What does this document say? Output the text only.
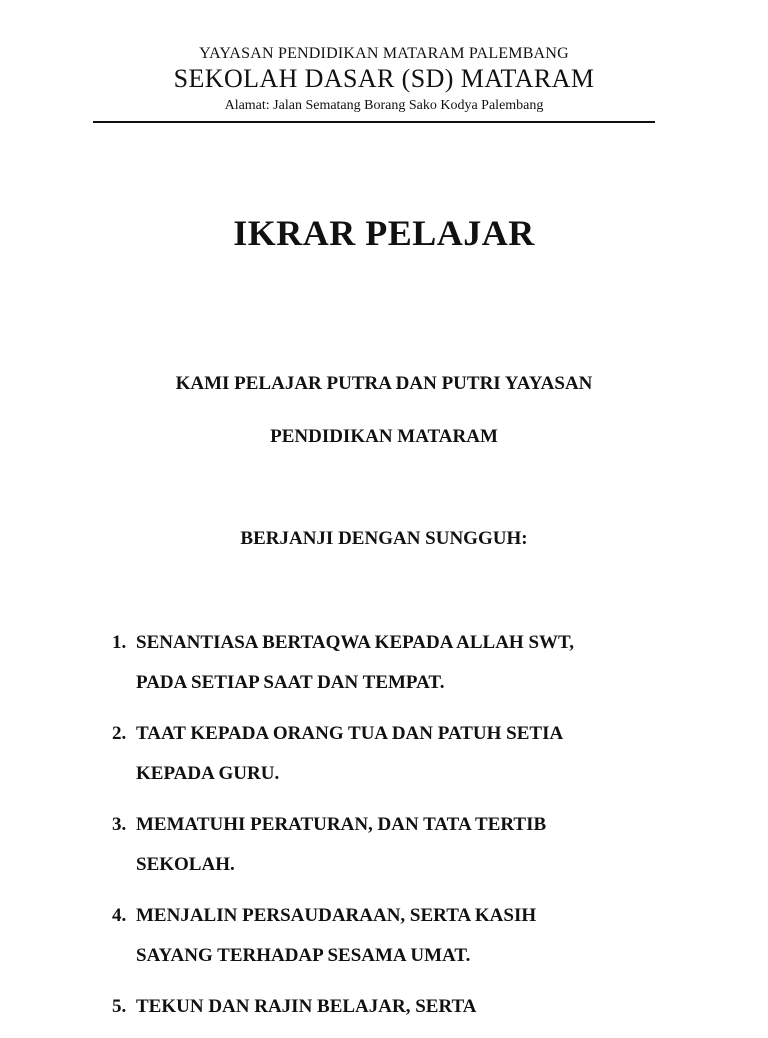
YAYASAN PENDIDIKAN MATARAM PALEMBANG
SEKOLAH DASAR (SD) MATARAM
Alamat: Jalan Sematang Borang Sako Kodya Palembang
IKRAR PELAJAR
KAMI PELAJAR PUTRA DAN PUTRI YAYASAN
PENDIDIKAN MATARAM
BERJANJI DENGAN SUNGGUH:
1. SENANTIASA BERTAQWA KEPADA ALLAH SWT,
PADA SETIAP SAAT DAN TEMPAT.
2. TAAT KEPADA ORANG TUA DAN PATUH SETIA
KEPADA GURU.
3. MEMATUHI PERATURAN, DAN TATA TERTIB
SEKOLAH.
4. MENJALIN PERSAUDARAAN, SERTA KASIH
SAYANG TERHADAP SESAMA UMAT.
5. TEKUN DAN RAJIN BELAJAR, SERTA
